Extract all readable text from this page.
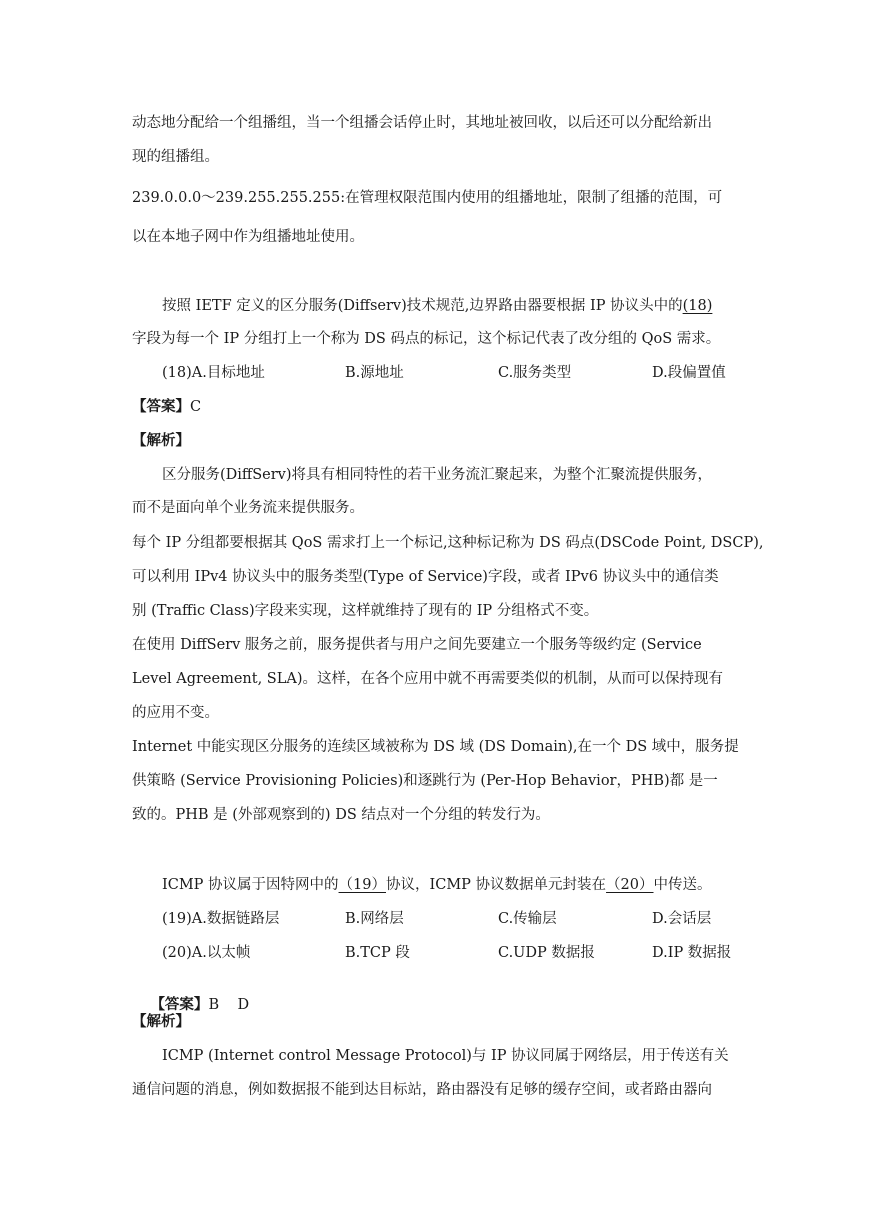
动态地分配给一个组播组，当一个组播会话停止时，其地址被回收，以后还可以分配给新出
现的组播组。
239.0.0.0～239.255.255.255:在管理权限范围内使用的组播地址，限制了组播的范围，可
以在本地子网中作为组播地址使用。
按照 IETF 定义的区分服务(Diffserv)技术规范,边界路由器要根据 IP 协议头中的(18)
字段为每一个 IP 分组打上一个称为 DS 码点的标记，这个标记代表了改分组的 QoS 需求。
(18)A.目标地址	B.源地址	C.服务类型	D.段偏置值
【答案】C
【解析】
区分服务(DiffServ)将具有相同特性的若干业务流汇聚起来，为整个汇聚流提供服务，
而不是面向单个业务流来提供服务。
每个 IP 分组都要根据其 QoS 需求打上一个标记,这种标记称为 DS 码点(DSCode Point, DSCP),
可以利用 IPv4 协议头中的服务类型(Type of Service)字段，或者 IPv6 协议头中的通信类
别 (Traffic Class)字段来实现，这样就维持了现有的 IP 分组格式不变。
在使用 DiffServ 服务之前，服务提供者与用户之间先要建立一个服务等级约定 (Service
Level Agreement, SLA)。这样，在各个应用中就不再需要类似的机制，从而可以保持现有
的应用不变。
Internet 中能实现区分服务的连续区域被称为 DS 域 (DS Domain),在一个 DS 域中，服务提
供策略 (Service Provisioning Policies)和逐跳行为 (Per-Hop Behavior，PHB)都 是一
致的。PHB 是 (外部观察到的) DS 结点对一个分组的转发行为。
ICMP 协议属于因特网中的（19）协议，ICMP 协议数据单元封装在（20）中传送。
(19)A.数据链路层	B.网络层	C.传输层	D.会话层
(20)A.以太帧	B.TCP 段	C.UDP 数据报	D.IP 数据报

【答案】B    D

【解析】
ICMP (Internet control Message Protocol)与 IP 协议同属于网络层，用于传送有关
通信问题的消息，例如数据报不能到达目标站，路由器没有足够的缓存空间，或者路由器向
